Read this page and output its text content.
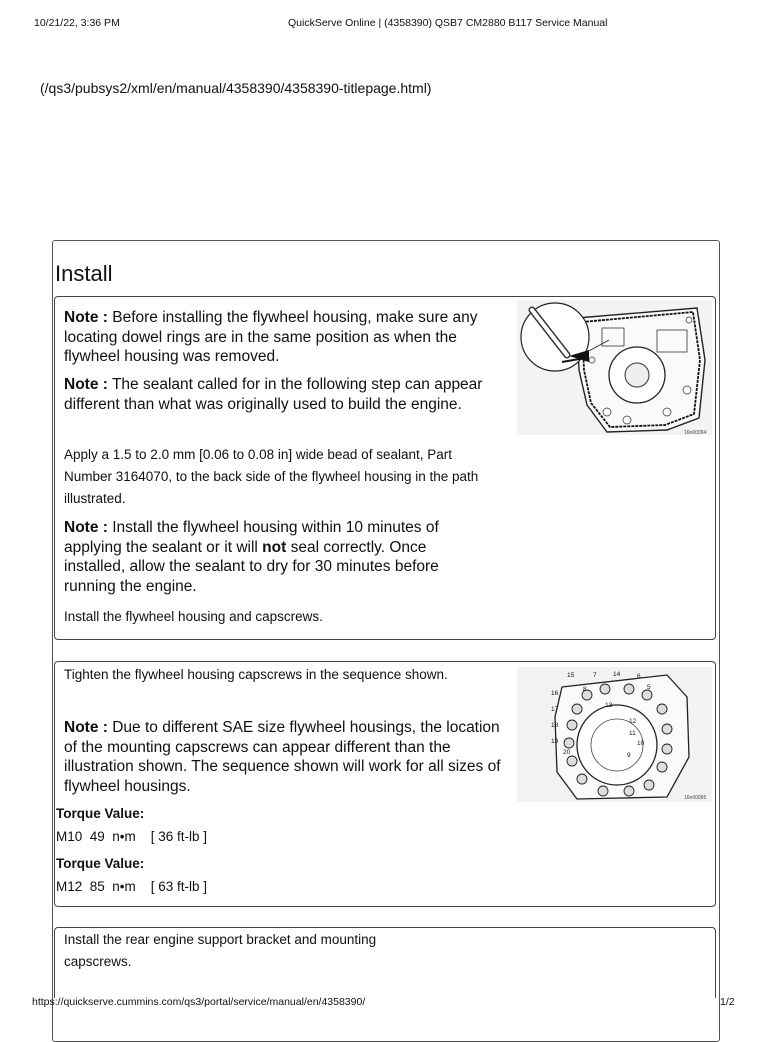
10/21/22, 3:36 PM	QuickServe Online | (4358390) QSB7 CM2880 B117 Service Manual
(/qs3/pubsys2/xml/en/manual/4358390/4358390-titlepage.html)
Install
Note : Before installing the flywheel housing, make sure any locating dowel rings are in the same position as when the flywheel housing was removed.
Note : The sealant called for in the following step can appear different than what was originally used to build the engine.
Apply a 1.5 to 2.0 mm [0.06 to 0.08 in] wide bead of sealant, Part Number 3164070, to the back side of the flywheel housing in the path illustrated.
Note : Install the flywheel housing within 10 minutes of applying the sealant or it will not seal correctly. Once installed, allow the sealant to dry for 30 minutes before running the engine.
Install the flywheel housing and capscrews.
16n00094
Tighten the flywheel housing capscrews in the sequence shown.
Note : Due to different SAE size flywheel housings, the location of the mounting capscrews can appear different than the illustration shown. The sequence shown will work for all sizes of flywheel housings.
Torque Value:
M10  49  n•m    [ 36 ft-lb ]
Torque Value:
M12  85  n•m    [ 63 ft-lb ]
15	7	14	6
16
8	5
17
13
18
12
19
11
20
10
9
16n00095
Install the rear engine support bracket and mounting capscrews.
https://quickserve.cummins.com/qs3/portal/service/manual/en/4358390/	1/2
